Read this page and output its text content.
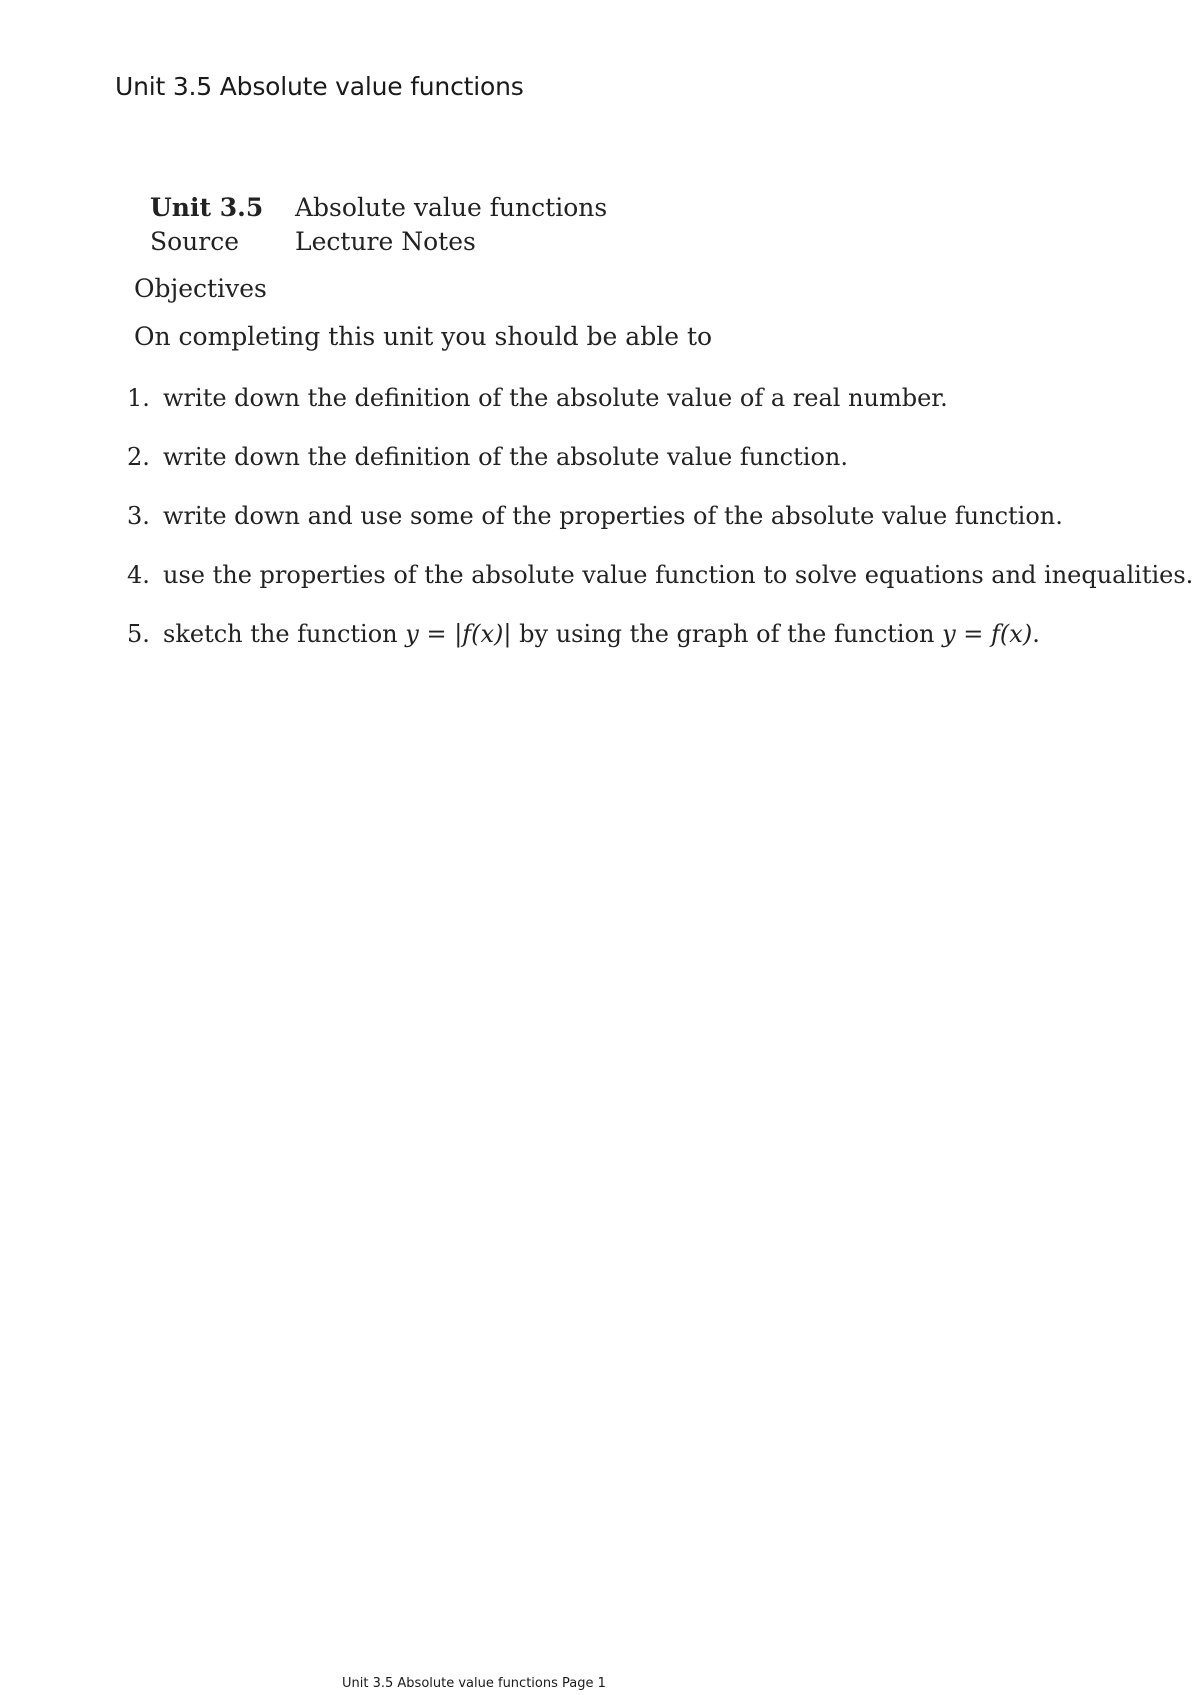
Unit 3.5 Absolute value functions
Unit 3.5	Absolute value functions
Source	Lecture Notes
Objectives

On completing this unit you should be able to

1. write down the definition of the absolute value of a real number.
2. write down the definition of the absolute value function.
3. write down and use some of the properties of the absolute value function.
4. use the properties of the absolute value function to solve equations and inequalities.
5. sketch the function y = |f(x)| by using the graph of the function y = f(x).
Unit 3.5 Absolute value functions Page 1
